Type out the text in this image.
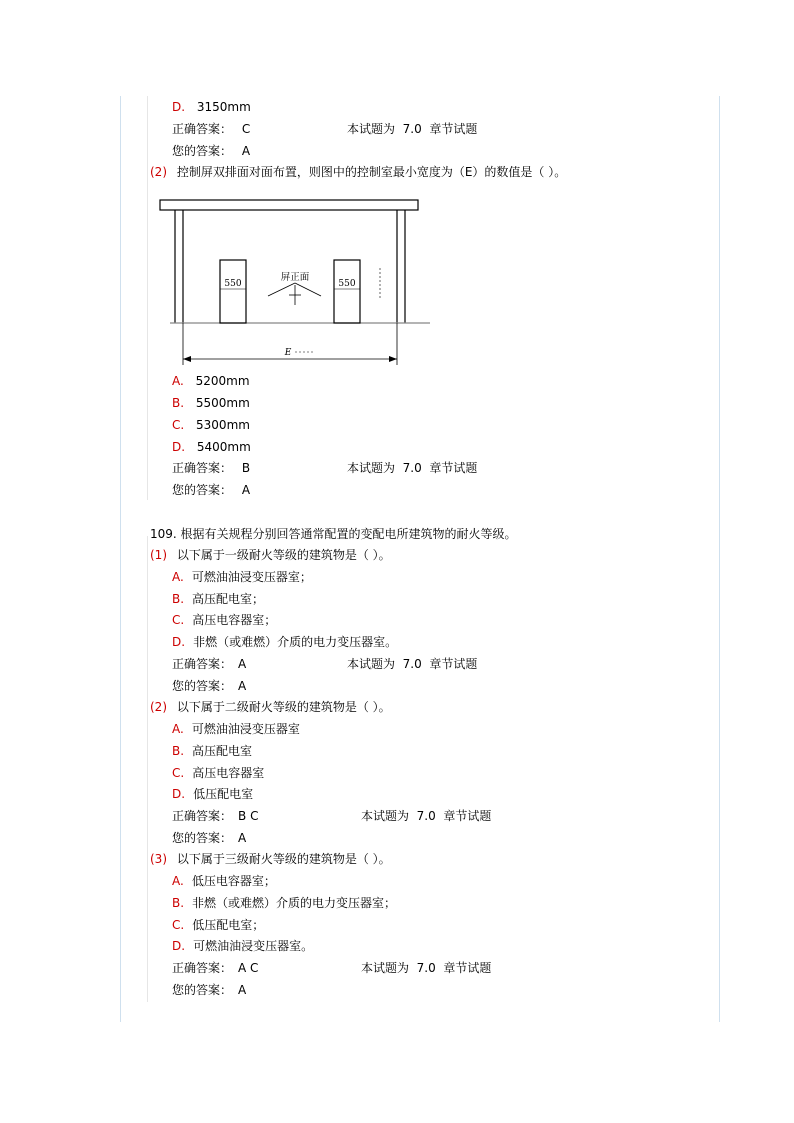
D. 3150mm
正确答案： C	本试题为  7.0  章节试题
您的答案： A
(2) 控制屏双排面对面布置，则图中的控制室最小宽度为（E）的数值是（ ）。
550	550
屏正面
E
A. 5200mm
B. 5500mm
C. 5300mm
D. 5400mm
正确答案： B	本试题为  7.0  章节试题
您的答案： A
109. 根据有关规程分别回答通常配置的变配电所建筑物的耐火等级。
(1) 以下属于一级耐火等级的建筑物是（ ）。
A. 可燃油油浸变压器室；
B. 高压配电室；
C. 高压电容器室；
D. 非燃（或难燃）介质的电力变压器室。
正确答案： A	本试题为  7.0  章节试题
您的答案： A
(2) 以下属于二级耐火等级的建筑物是（ ）。
A. 可燃油油浸变压器室
B. 高压配电室
C. 高压电容器室
D. 低压配电室
正确答案： B C	本试题为  7.0  章节试题
您的答案： A
(3) 以下属于三级耐火等级的建筑物是（ ）。
A. 低压电容器室；
B. 非燃（或难燃）介质的电力变压器室；
C. 低压配电室；
D. 可燃油油浸变压器室。
正确答案： A C	本试题为  7.0  章节试题
您的答案： A
